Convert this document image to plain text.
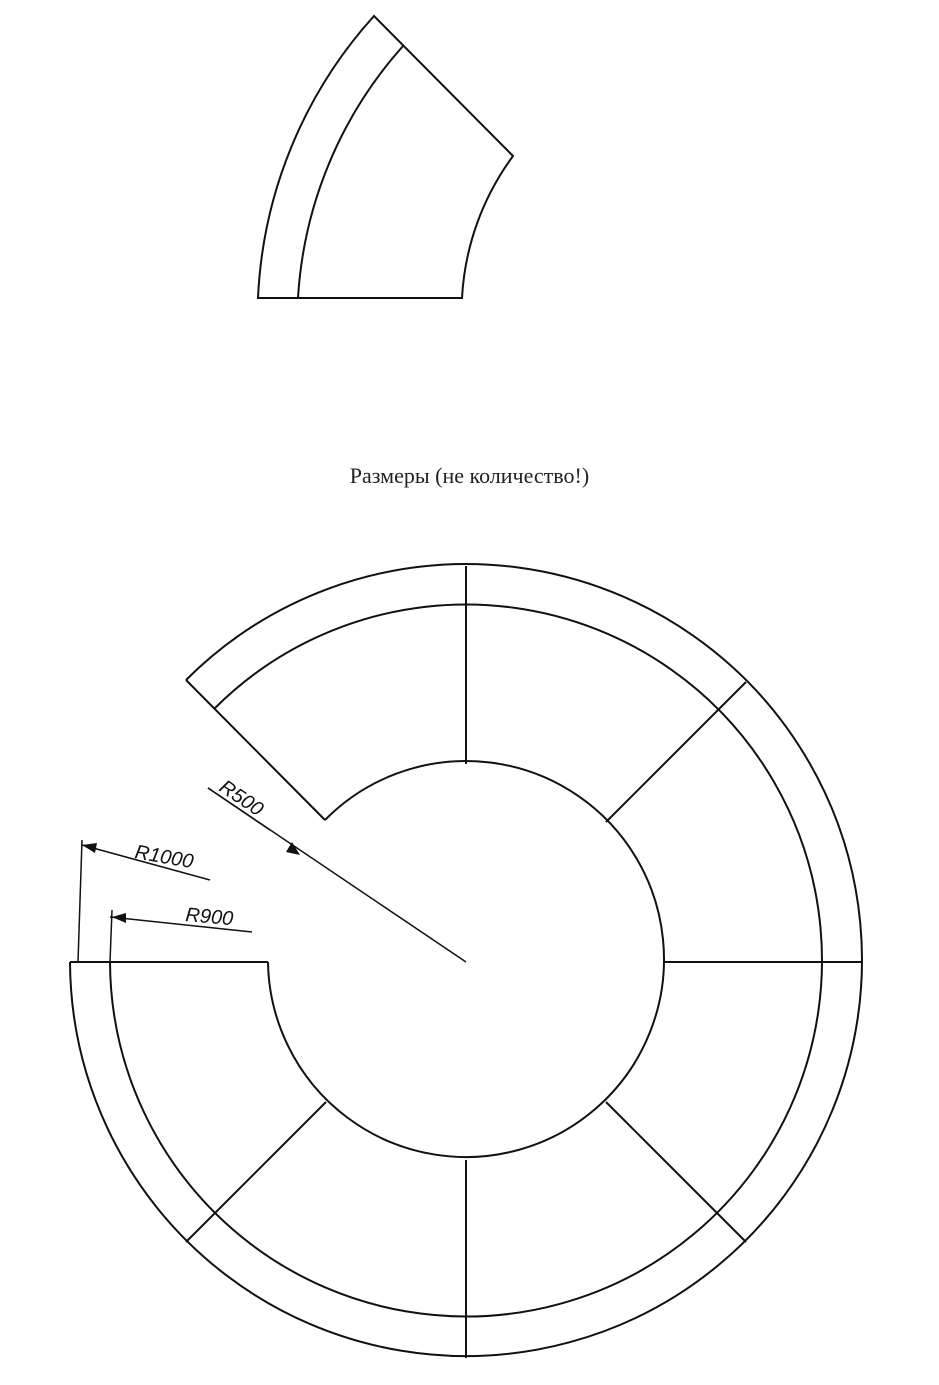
Размеры (не количество!)
R500
R1000
R900
